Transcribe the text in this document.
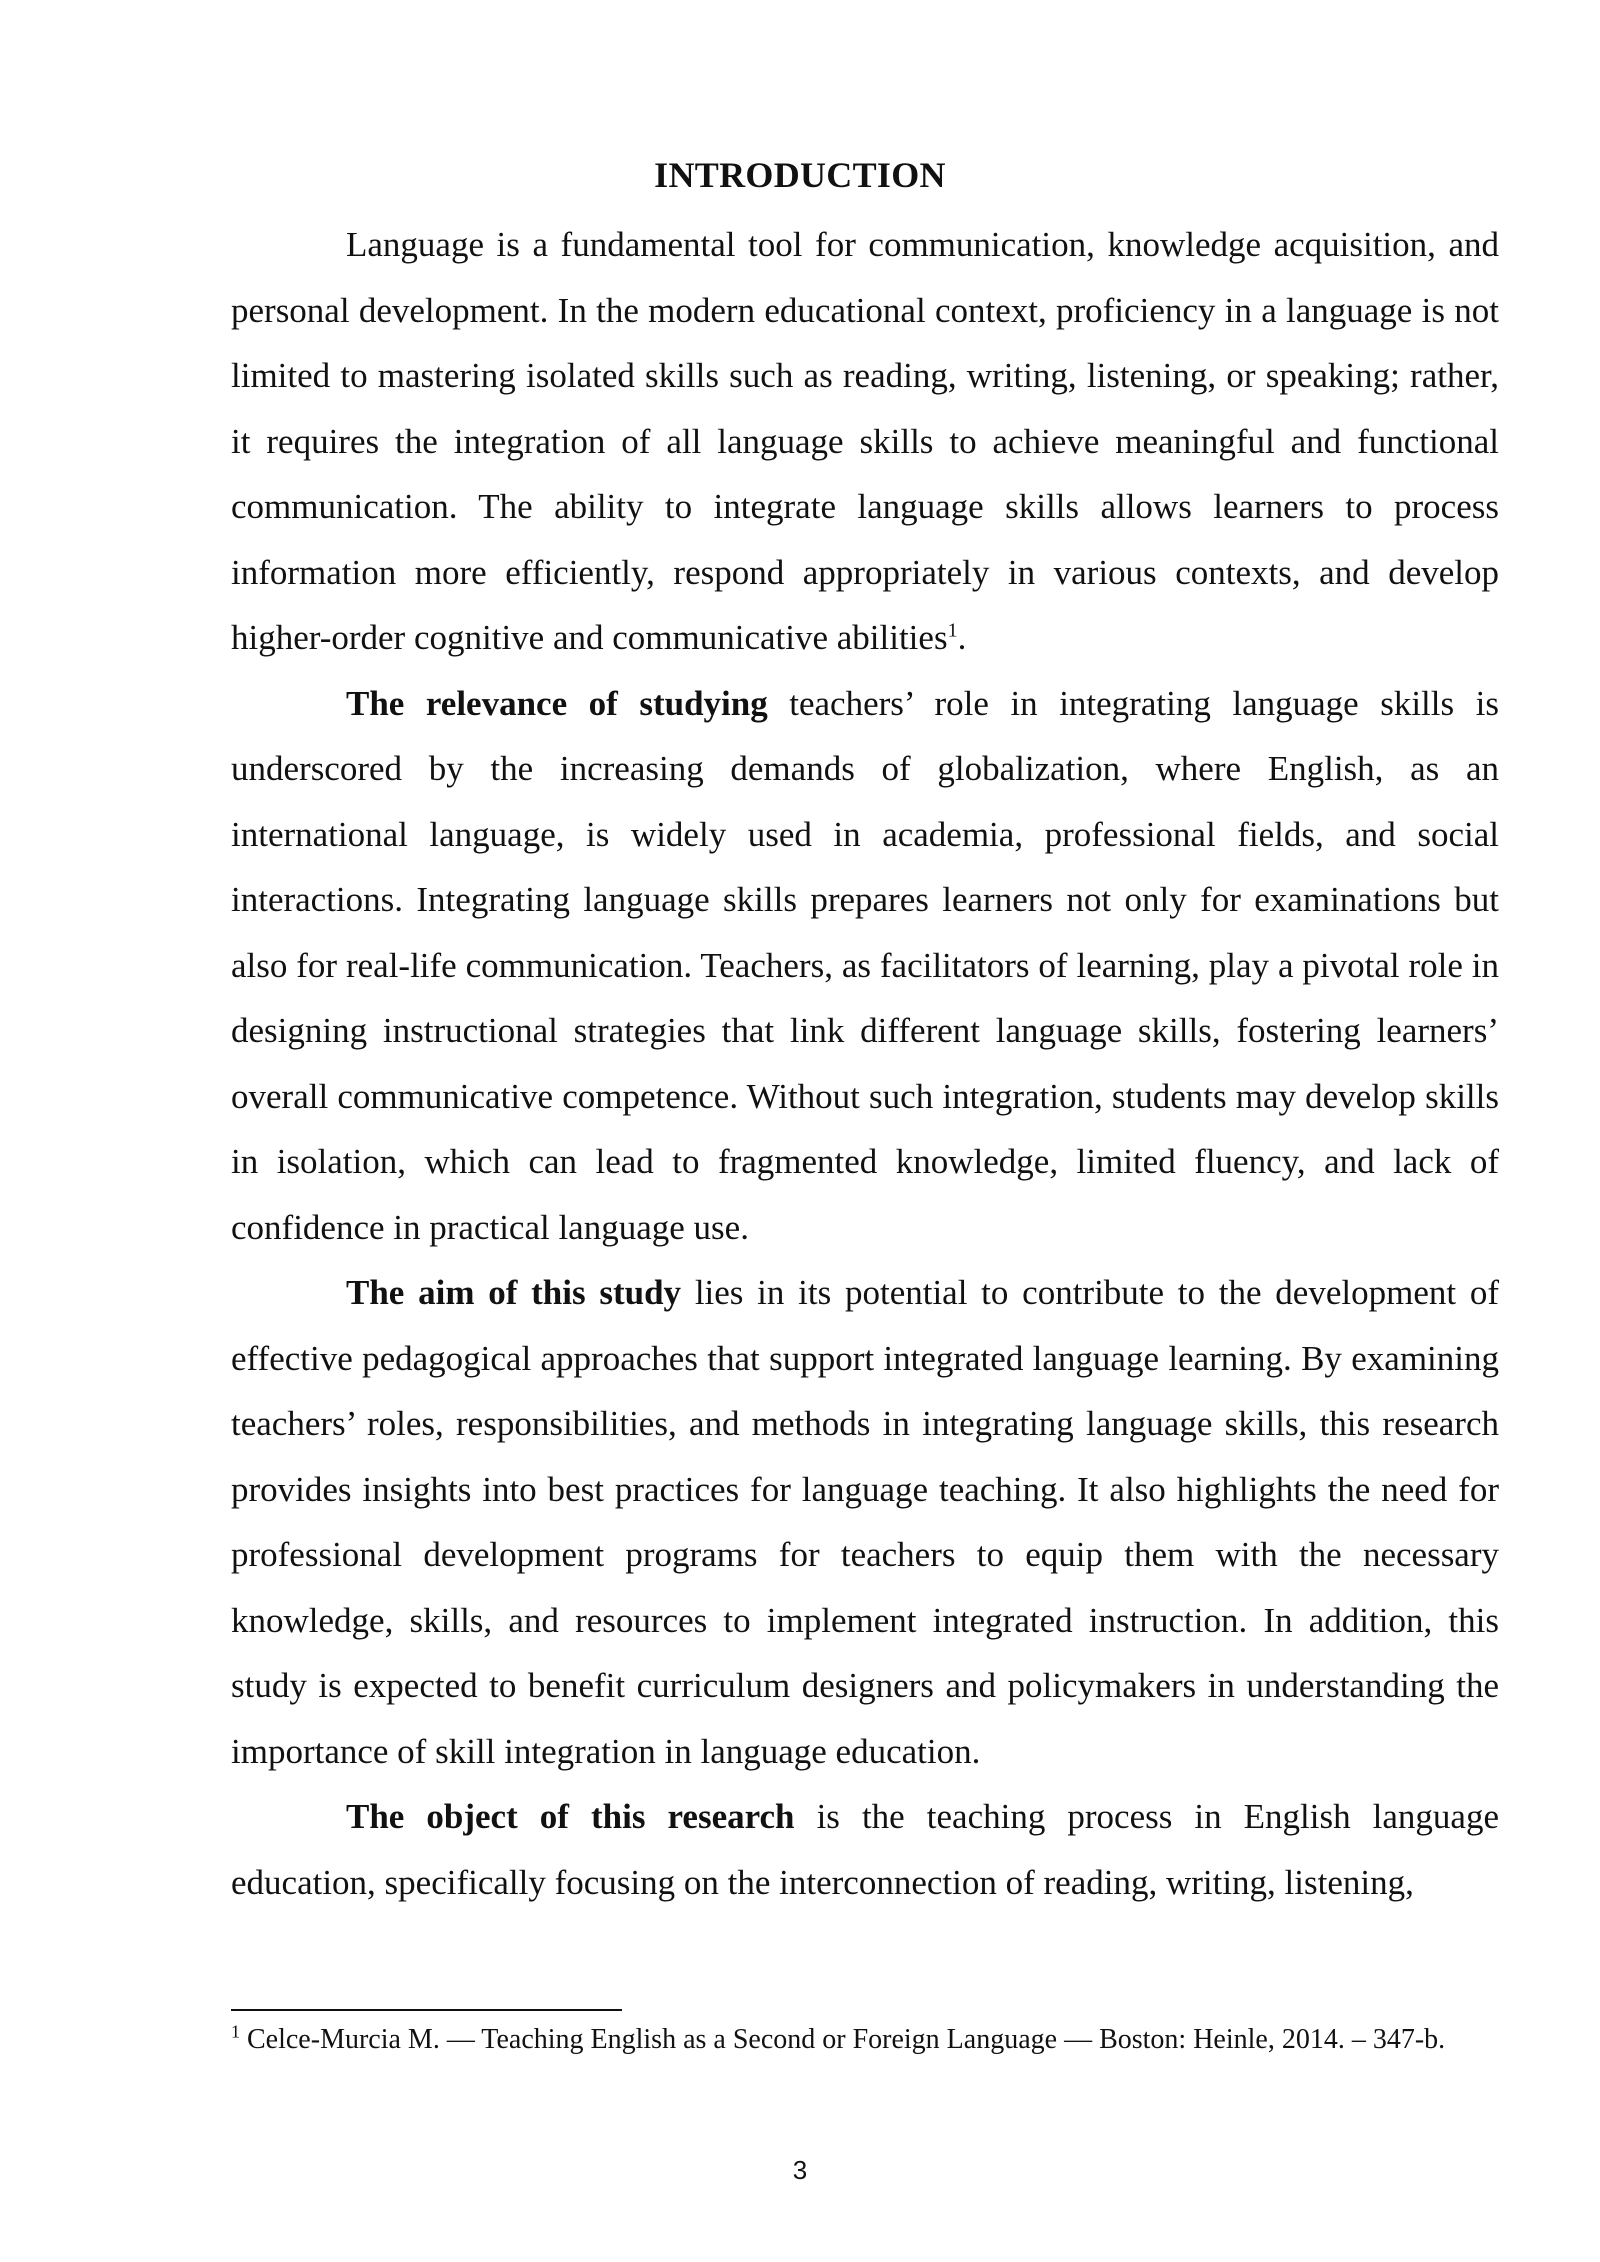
INTRODUCTION

Language is a fundamental tool for communication, knowledge acquisition, and personal development. In the modern educational context, proficiency in a language is not limited to mastering isolated skills such as reading, writing, listening, or speaking; rather, it requires the integration of all language skills to achieve meaningful and functional communication. The ability to integrate language skills allows learners to process information more efficiently, respond appropriately in various contexts, and develop higher-order cognitive and communicative abilities$^1$.

The relevance of studying teachers’ role in integrating language skills is underscored by the increasing demands of globalization, where English, as an international language, is widely used in academia, professional fields, and social interactions. Integrating language skills prepares learners not only for examinations but also for real-life communication. Teachers, as facilitators of learning, play a pivotal role in designing instructional strategies that link different language skills, fostering learners’ overall communicative competence. Without such integration, students may develop skills in isolation, which can lead to fragmented knowledge, limited fluency, and lack of confidence in practical language use.

The aim of this study lies in its potential to contribute to the development of effective pedagogical approaches that support integrated language learning. By examining teachers’ roles, responsibilities, and methods in integrating language skills, this research provides insights into best practices for language teaching. It also highlights the need for professional development programs for teachers to equip them with the necessary knowledge, skills, and resources to implement integrated instruction. In addition, this study is expected to benefit curriculum designers and policymakers in understanding the importance of skill integration in language education.

The object of this research is the teaching process in English language education, specifically focusing on the interconnection of reading, writing, listening,

$^1$ Celce-Murcia M. — Teaching English as a Second or Foreign Language — Boston: Heinle, 2014. – 347-b.
3
